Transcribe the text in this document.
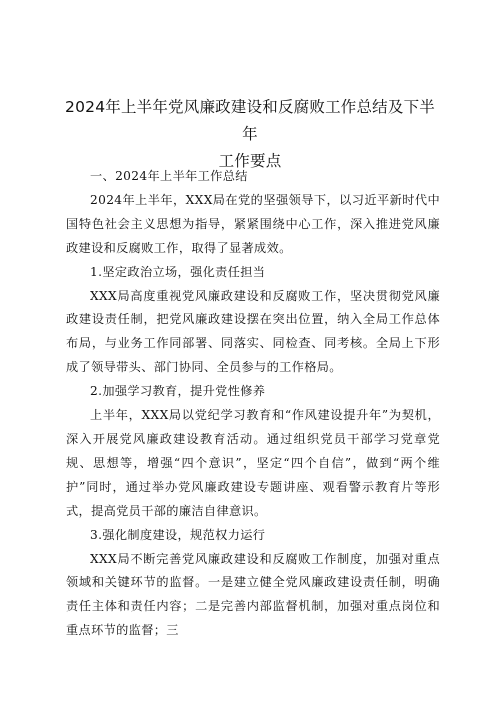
2024年上半年党风廉政建设和反腐败工作总结及下半年
工作要点

一、2024年上半年工作总结

2024年上半年，XXX局在党的坚强领导下，以习近平新时代中国特色社会主义思想为指导，紧紧围绕中心工作，深入推进党风廉政建设和反腐败工作，取得了显著成效。

1.坚定政治立场，强化责任担当

XXX局高度重视党风廉政建设和反腐败工作，坚决贯彻党风廉政建设责任制，把党风廉政建设摆在突出位置，纳入全局工作总体布局，与业务工作同部署、同落实、同检查、同考核。全局上下形成了领导带头、部门协同、全员参与的工作格局。

2.加强学习教育，提升党性修养

上半年，XXX局以党纪学习教育和“作风建设提升年”为契机，深入开展党风廉政建设教育活动。通过组织党员干部学习党章党规、思想等，增强“四个意识”，坚定“四个自信”，做到“两个维护”同时，通过举办党风廉政建设专题讲座、观看警示教育片等形式，提高党员干部的廉洁自律意识。

3.强化制度建设，规范权力运行

XXX局不断完善党风廉政建设和反腐败工作制度，加强对重点领域和关键环节的监督。一是建立健全党风廉政建设责任制，明确责任主体和责任内容；二是完善内部监督机制，加强对重点岗位和重点环节的监督；三
